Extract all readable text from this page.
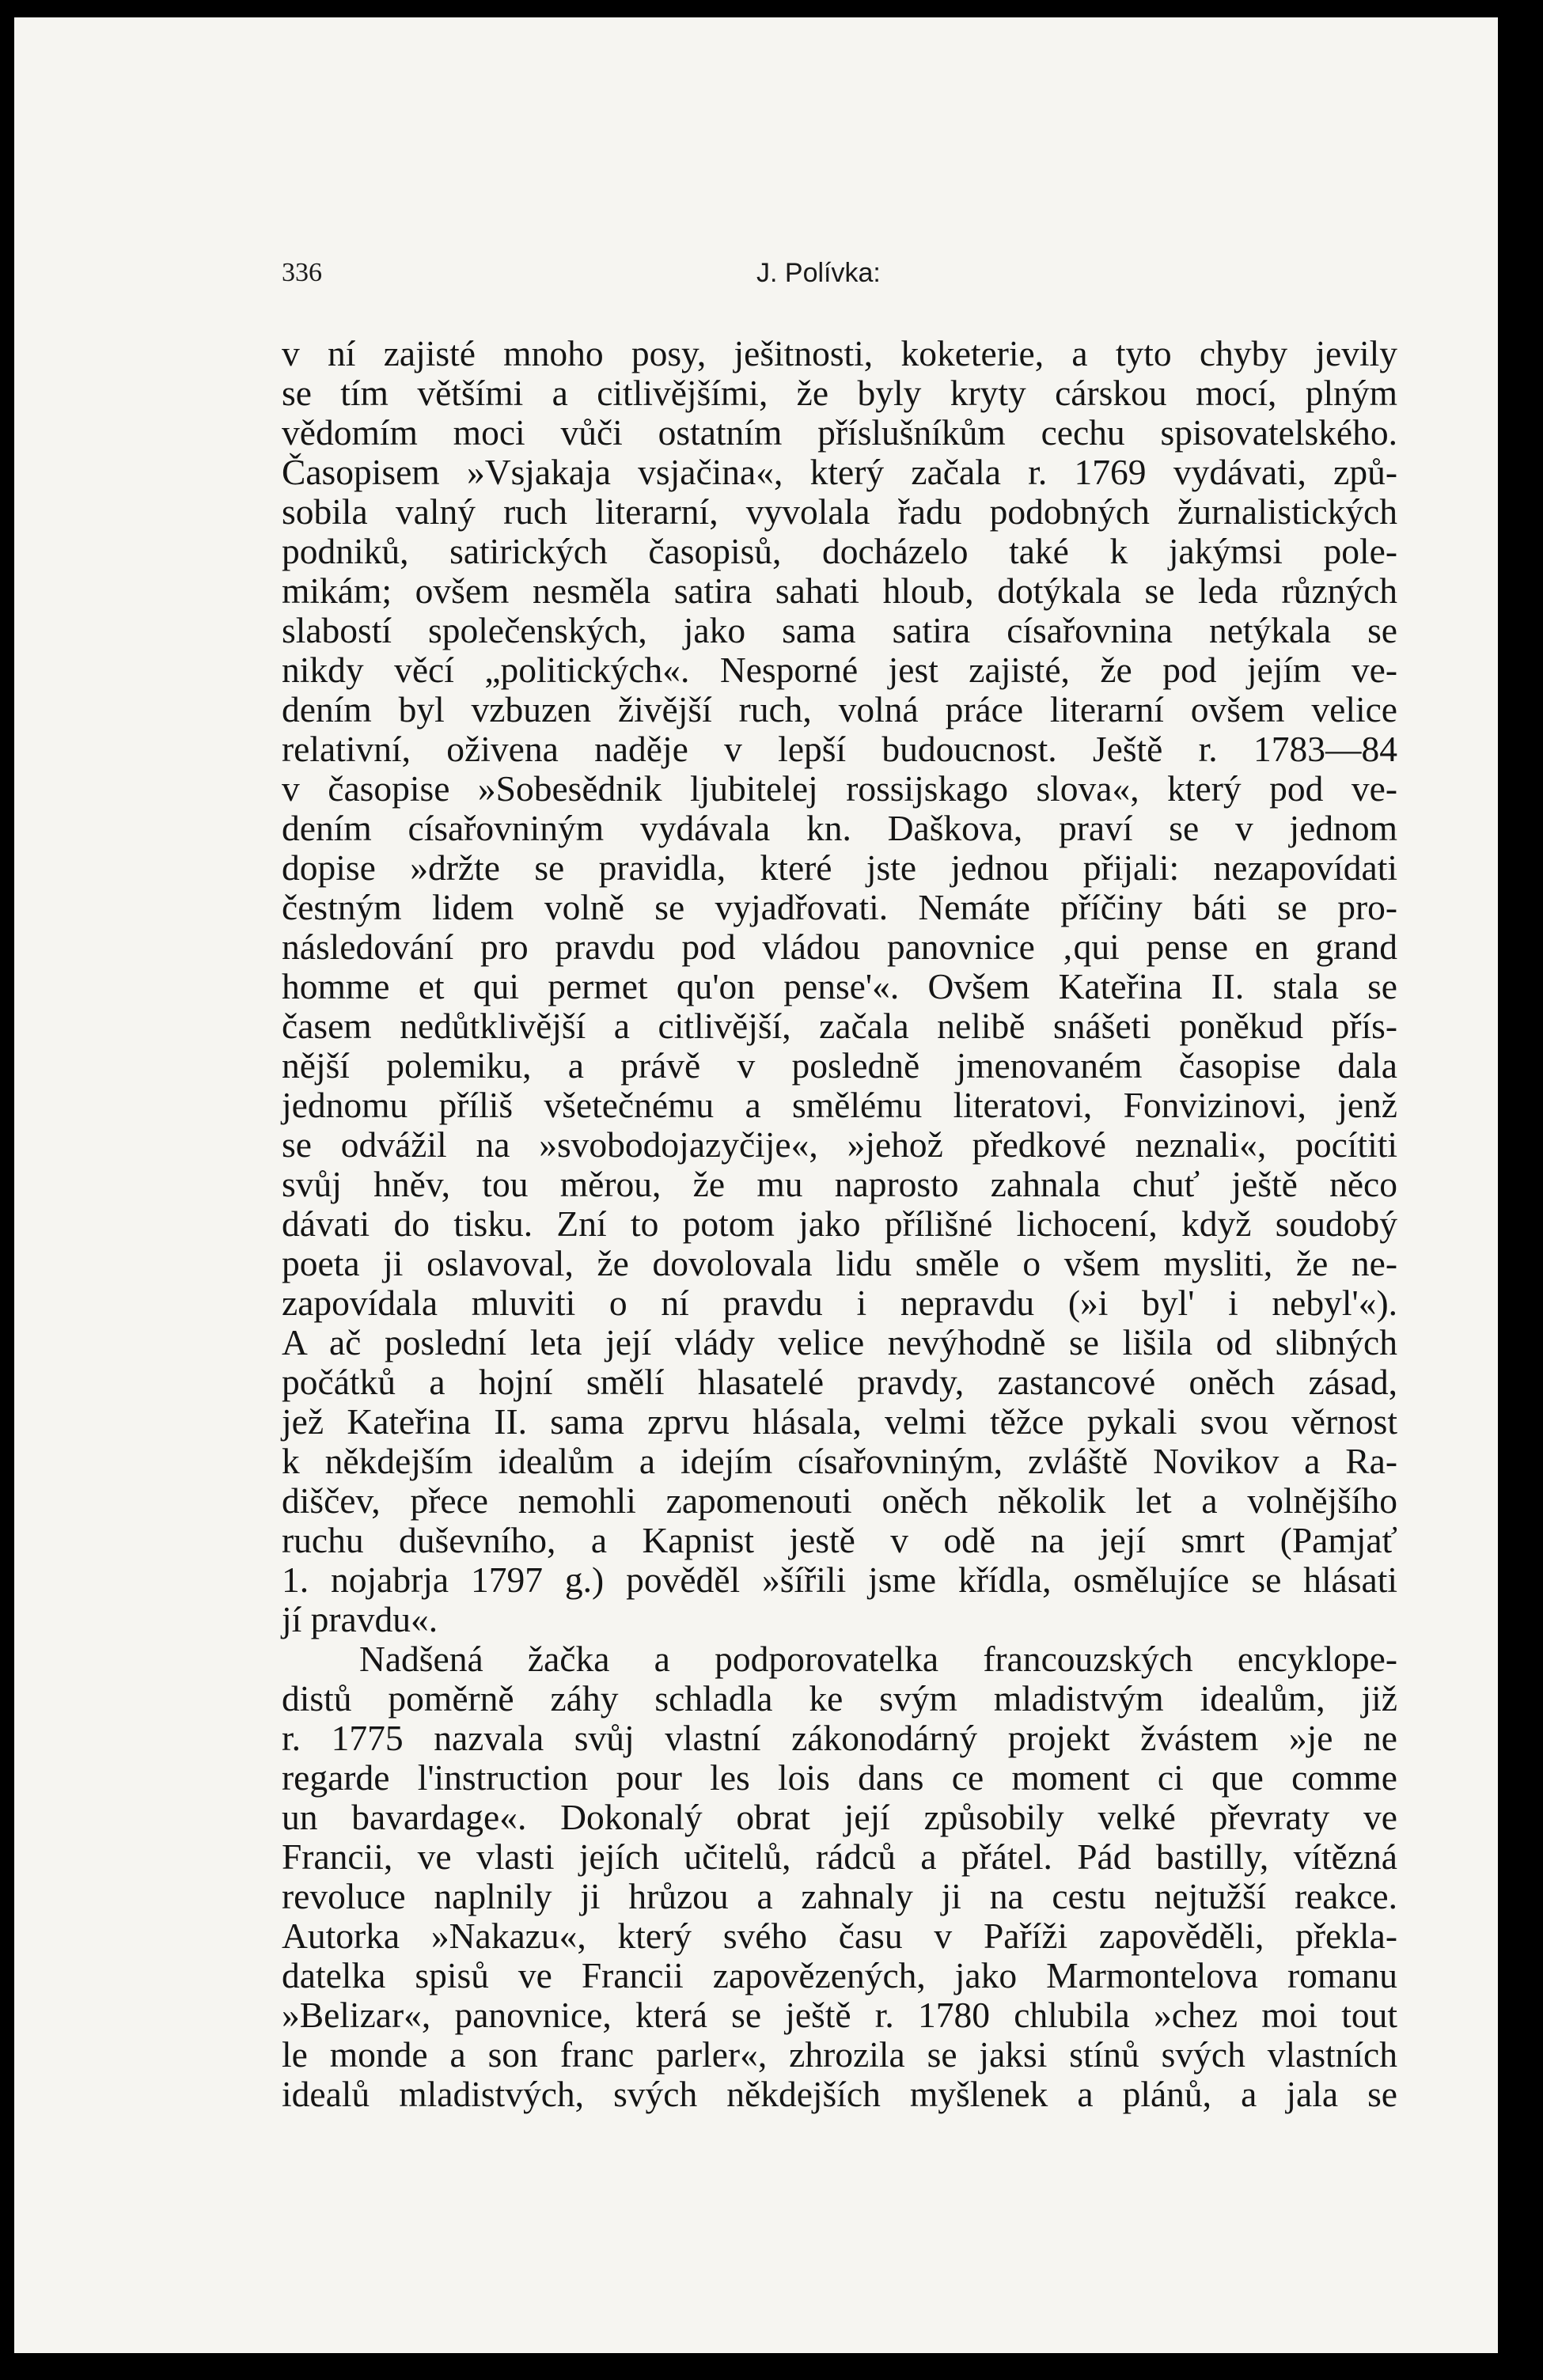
336	J. Polívka:
v ní zajisté mnoho posy, ješitnosti, koketerie, a tyto chyby jevily
se tím většími a citlivějšími, že byly kryty cárskou mocí, plným
vědomím moci vůči ostatním příslušníkům cechu spisovatelského.
Časopisem »Vsjakaja vsjačina«, který začala r. 1769 vydávati, způ-
sobila valný ruch literarní, vyvolala řadu podobných žurnalistických
podniků, satirických časopisů, docházelo také k jakýmsi pole-
mikám; ovšem nesměla satira sahati hloub, dotýkala se leda různých
slabostí společenských, jako sama satira císařovnina netýkala se
nikdy věcí „politických«. Nesporné jest zajisté, že pod jejím ve-
dením byl vzbuzen živější ruch, volná práce literarní ovšem velice
relativní, oživena naděje v lepší budoucnost. Ještě r. 1783—84
v časopise »Sobesědnik ljubitelej rossijskago slova«, který pod ve-
dením císařovniným vydávala kn. Daškova, praví se v jednom
dopise »držte se pravidla, které jste jednou přijali: nezapovídati
čestným lidem volně se vyjadřovati. Nemáte příčiny báti se pro-
následování pro pravdu pod vládou panovnice ‚qui pense en grand
homme et qui permet qu'on pense'«. Ovšem Kateřina II. stala se
časem nedůtklivější a citlivější, začala nelibě snášeti poněkud přís-
nější polemiku, a právě v posledně jmenovaném časopise dala
jednomu příliš všetečnému a smělému literatovi, Fonvizinovi, jenž
se odvážil na »svobodojazyčije«, »jehož předkové neznali«, pocítiti
svůj hněv, tou měrou, že mu naprosto zahnala chuť ještě něco
dávati do tisku. Zní to potom jako přílišné lichocení, když soudobý
poeta ji oslavoval, že dovolovala lidu směle o všem mysliti, že ne-
zapovídala mluviti o ní pravdu i nepravdu (»i byl' i nebyl'«).
A ač poslední leta její vlády velice nevýhodně se lišila od slibných
počátků a hojní smělí hlasatelé pravdy, zastancové oněch zásad,
jež Kateřina II. sama zprvu hlásala, velmi těžce pykali svou věrnost
k někdejším idealům a idejím císařovniným, zvláště Novikov a Ra-
diščev, přece nemohli zapomenouti oněch několik let a volnějšího
ruchu duševního, a Kapnist jestě v odě na její smrt (Pamjať
1. nojabrja 1797 g.) pověděl »šířili jsme křídla, osmělujíce se hlásati
jí pravdu«.
Nadšená žačka a podporovatelka francouzských encyklope-
distů poměrně záhy schladla ke svým mladistvým idealům, již
r. 1775 nazvala svůj vlastní zákonodárný projekt žvástem »je ne
regarde l'instruction pour les lois dans ce moment ci que comme
un bavardage«. Dokonalý obrat její způsobily velké převraty ve
Francii, ve vlasti jejích učitelů, rádců a přátel. Pád bastilly, vítězná
revoluce naplnily ji hrůzou a zahnaly ji na cestu nejtužší reakce.
Autorka »Nakazu«, který svého času v Paříži zapověděli, překla-
datelka spisů ve Francii zapovězených, jako Marmontelova romanu
»Belizar«, panovnice, která se ještě r. 1780 chlubila »chez moi tout
le monde a son franc parler«, zhrozila se jaksi stínů svých vlastních
idealů mladistvých, svých někdejších myšlenek a plánů, a jala se
